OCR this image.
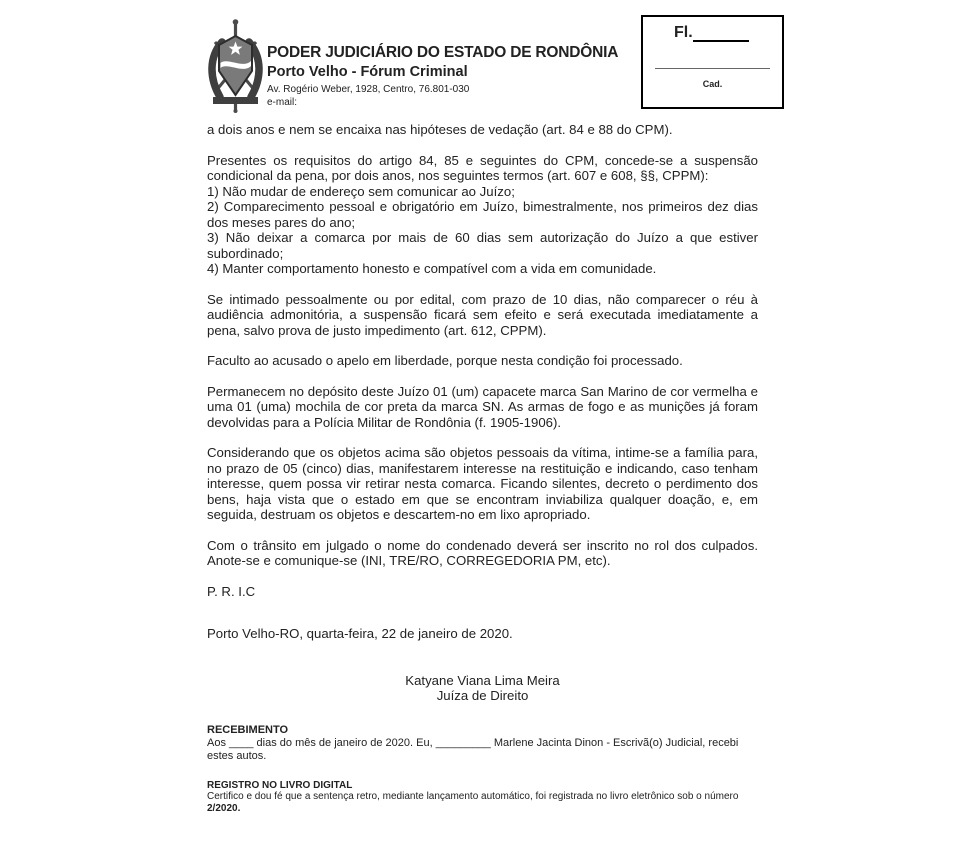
PODER JUDICIÁRIO DO ESTADO DE RONDÔNIA
Porto Velho - Fórum Criminal
Av. Rogério Weber, 1928, Centro, 76.801-030
e-mail:
Fl.
Cad.
a dois anos e nem se encaixa nas hipóteses de vedação (art. 84 e 88 do CPM).
Presentes os requisitos do artigo 84, 85 e seguintes do CPM, concede-se a suspensão condicional da pena, por dois anos, nos seguintes termos (art. 607 e 608, §§, CPPM):
1) Não mudar de endereço sem comunicar ao Juízo;
2) Comparecimento pessoal e obrigatório em Juízo, bimestralmente, nos primeiros dez dias dos meses pares do ano;
3) Não deixar a comarca por mais de 60 dias sem autorização do Juízo a que estiver subordinado;
4) Manter comportamento honesto e compatível com a vida em comunidade.
Se intimado pessoalmente ou por edital, com prazo de 10 dias, não comparecer o réu à audiência admonitória, a suspensão ficará sem efeito e será executada imediatamente a pena, salvo prova de justo impedimento (art. 612, CPPM).
Faculto ao acusado o apelo em liberdade, porque nesta condição foi processado.
Permanecem no depósito deste Juízo 01 (um) capacete marca San Marino de cor vermelha e uma 01 (uma) mochila de cor preta da marca SN. As armas de fogo e as munições já foram devolvidas para a Polícia Militar de Rondônia (f. 1905-1906).
Considerando que os objetos acima são objetos pessoais da vítima, intime-se a família para, no prazo de 05 (cinco) dias, manifestarem interesse na restituição e indicando, caso tenham interesse, quem possa vir retirar nesta comarca. Ficando silentes, decreto o perdimento dos bens, haja vista que o estado em que se encontram inviabiliza qualquer doação, e, em seguida, destruam os objetos e descartem-no em lixo apropriado.
Com o trânsito em julgado o nome do condenado deverá ser inscrito no rol dos culpados. Anote-se e comunique-se (INI, TRE/RO, CORREGEDORIA PM, etc).
P. R. I.C
Porto Velho-RO, quarta-feira, 22 de janeiro de 2020.
Katyane Viana Lima Meira
Juíza de Direito
RECEBIMENTO
Aos ____ dias do mês de janeiro de 2020. Eu, _________ Marlene Jacinta Dinon - Escrivã(o) Judicial, recebi
estes autos.
REGISTRO NO LIVRO DIGITAL
Certifico e dou fé que a sentença retro, mediante lançamento automático, foi registrada no livro eletrônico sob o número
2/2020.
